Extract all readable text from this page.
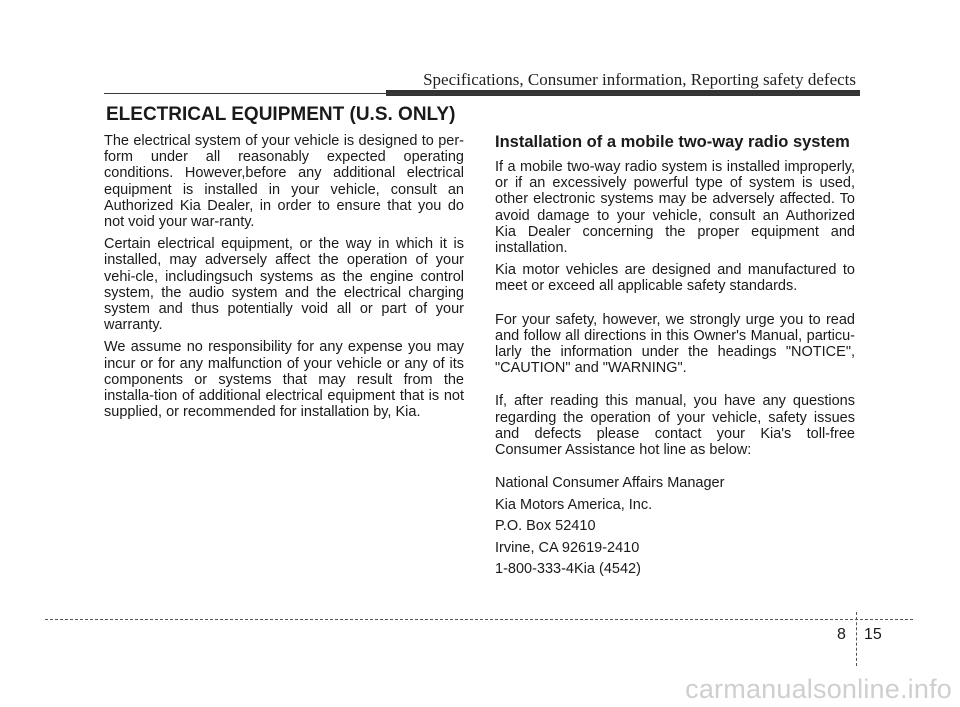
Specifications, Consumer information, Reporting safety defects
ELECTRICAL EQUIPMENT (U.S. ONLY)

The electrical system of your vehicle is designed to per-form under all reasonably expected operating conditions. However,before any additional electrical equipment is installed in your vehicle, consult an Authorized Kia Dealer, in order to ensure that you do not void your war-ranty.

Certain electrical equipment, or the way in which it is installed, may adversely affect the operation of your vehi-cle, includingsuch systems as the engine control system, the audio system and the electrical charging system and thus potentially void all or part of your warranty.

We assume no responsibility for any expense you may incur or for any malfunction of your vehicle or any of its components or systems that may result from the installa-tion of additional electrical equipment that is not supplied, or recommended for installation by, Kia.

Installation of a mobile two-way radio system

If a mobile two-way radio system is installed improperly, or if an excessively powerful type of system is used, other electronic systems may be adversely affected. To avoid damage to your vehicle, consult an Authorized Kia Dealer concerning the proper equipment and installation.

Kia motor vehicles are designed and manufactured to meet or exceed all applicable safety standards.

For your safety, however, we strongly urge you to read and follow all directions in this Owner's Manual, particu-larly the information under the headings "NOTICE", "CAUTION" and "WARNING".

If, after reading this manual, you have any questions regarding the operation of your vehicle, safety issues and defects please contact your Kia's toll-free Consumer Assistance hot line as below:

National Consumer Affairs Manager

Kia Motors America, Inc.

P.O. Box 52410

Irvine, CA 92619-2410

1-800-333-4Kia (4542)

8 15
carmanualsonline.info
